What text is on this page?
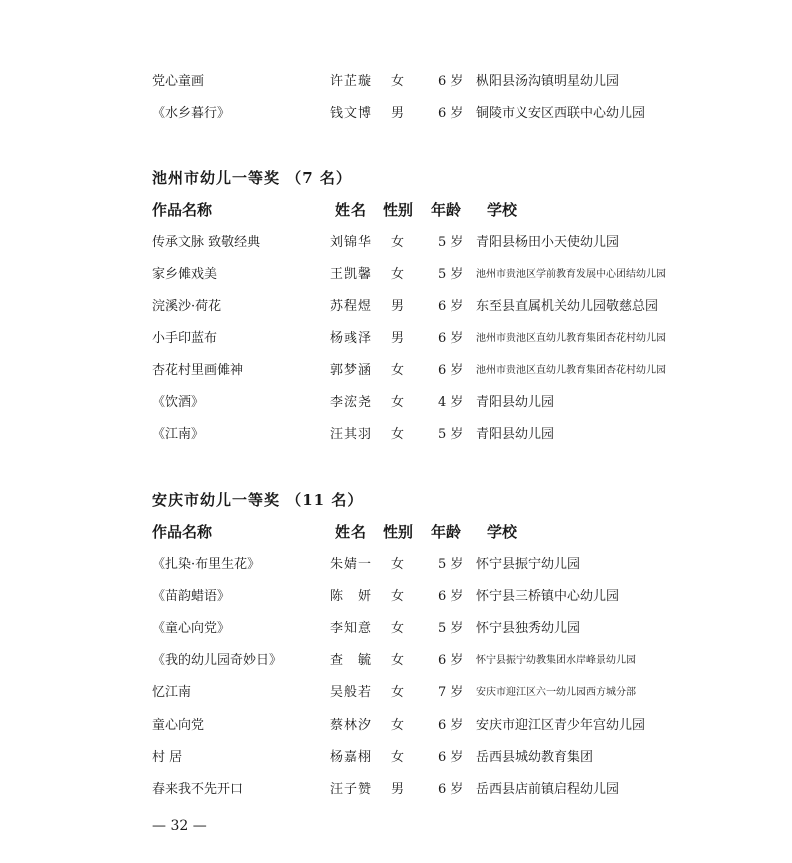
党心童画	许芷璇 女	6 岁 枞阳县汤沟镇明星幼儿园
《水乡暮行》	钱文博 男	6 岁 铜陵市义安区西联中心幼儿园
池州市幼儿一等奖 （7 名）
作品名称	姓名 性别 年龄 学校
传承文脉 致敬经典	刘锦华 女	5 岁 青阳县杨田小天使幼儿园
家乡傩戏美	王凯馨 女	5 岁 池州市贵池区学前教育发展中心团结幼儿园
浣溪沙·荷花	苏程煜 男	6 岁 东至县直属机关幼儿园敬慈总园
小手印蓝布	杨彧泽 男	6 岁 池州市贵池区直幼儿教育集团杏花村幼儿园
杏花村里画傩神	郭梦涵 女	6 岁 池州市贵池区直幼儿教育集团杏花村幼儿园
《饮酒》	李浤尧 女	4 岁 青阳县幼儿园
《江南》	汪其羽 女	5 岁 青阳县幼儿园
安庆市幼儿一等奖 （11 名）
作品名称	姓名 性别 年龄 学校
《扎染·布里生花》	朱婧一 女	5 岁 怀宁县振宁幼儿园
《苗韵蜡语》	陈　妍 女	6 岁 怀宁县三桥镇中心幼儿园
《童心向党》	李知意 女	5 岁 怀宁县独秀幼儿园
《我的幼儿园奇妙日》	查　毓 女	6 岁 怀宁县振宁幼教集团水岸峰景幼儿园
忆江南	吴般若 女	7 岁 安庆市迎江区六一幼儿园西方城分部
童心向党	蔡林汐 女	6 岁 安庆市迎江区青少年宫幼儿园
村 居	杨嘉栩 女	6 岁 岳西县城幼教育集团
春来我不先开口	汪子赞 男	6 岁 岳西县店前镇启程幼儿园
— 32 —
